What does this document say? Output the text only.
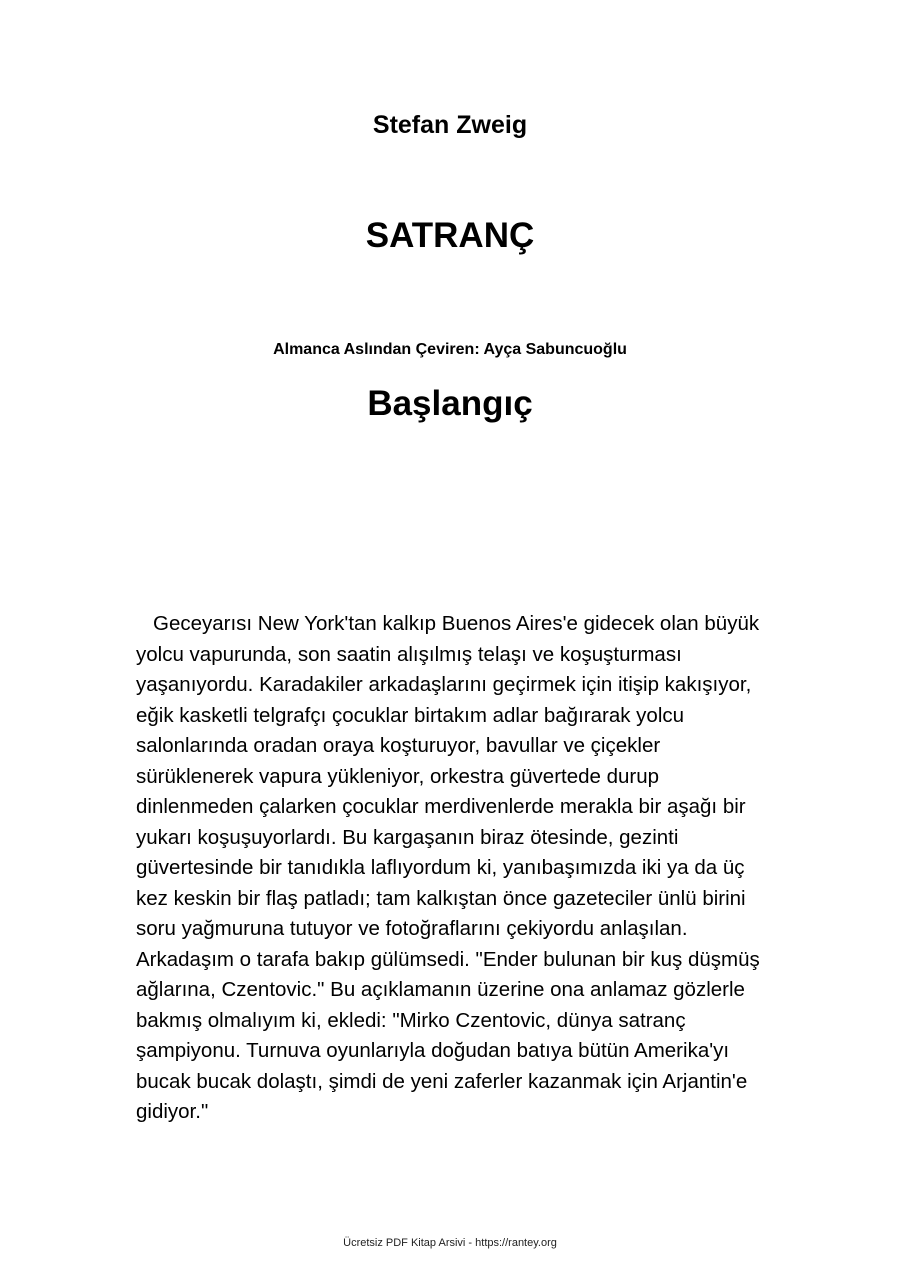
Stefan Zweig
SATRANÇ

Almanca Aslından Çeviren: Ayça Sabuncuoğlu

Başlangıç

Geceyarısı New York'tan kalkıp Buenos Aires'e gidecek olan büyük yolcu vapurunda, son saatin alışılmış telaşı ve koşuşturması yaşanıyordu. Karadakiler arkadaşlarını geçirmek için itişip kakışıyor, eğik kasketli telgrafçı çocuklar birtakım adlar bağırarak yolcu salonlarında oradan oraya koşturuyor, bavullar ve çiçekler sürüklenerek vapura yükleniyor, orkestra güvertede durup dinlenmeden çalarken çocuklar merdivenlerde merakla bir aşağı bir yukarı koşuşuyorlardı. Bu kargaşanın biraz ötesinde, gezinti güvertesinde bir tanıdıkla laflıyordum ki, yanıbaşımızda iki ya da üç kez keskin bir flaş patladı; tam kalkıştan önce gazeteciler ünlü birini soru yağmuruna tutuyor ve fotoğraflarını çekiyordu anlaşılan. Arkadaşım o tarafa bakıp gülümsedi. "Ender bulunan bir kuş düşmüş ağlarına, Czentovic." Bu açıklamanın üzerine ona anlamaz gözlerle bakmış olmalıyım ki, ekledi: "Mirko Czentovic, dünya satranç şampiyonu. Turnuva oyunlarıyla doğudan batıya bütün Amerika'yı bucak bucak dolaştı, şimdi de yeni zaferler kazanmak için Arjantin'e gidiyor."

Ücretsiz PDF Kitap Arsivi - https://rantey.org
